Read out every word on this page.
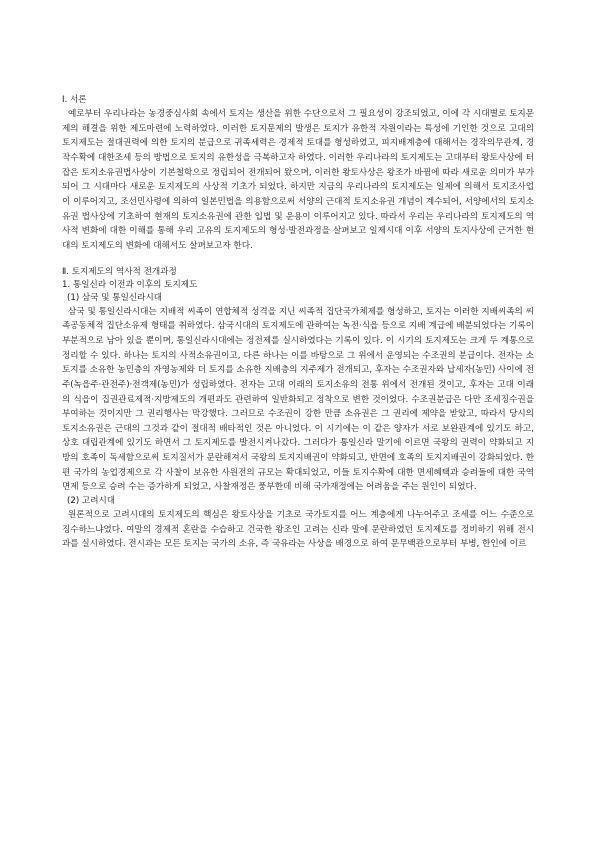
Ⅰ. 서론

예로부터 우리나라는 농경중심사회 속에서 토지는 생산을 위한 수단으로서 그 필요성이 강조되었고, 이에 각 시대별로 토지문제의 해결을 위한 제도마련에 노력하였다. 이러한 토지문제의 발생은 토지가 유한적 자원이라는 특성에 기인한 것으로 고대의 토지제도는 절대권력에 의한 토지의 분급으로 귀족세력은 경제적 토대를 형성하였고, 피지배계층에 대해서는 경작의무관계, 경작수확에 대한조세 등의 방법으로 토지의 유한성을 극복하고자 하였다. 이러한 우리나라의 토지제도는 고대부터 왕토사상에 터 잡은 토지소유권법사상이 기본철학으로 정립되어 전개되어 왔으며, 이러한 왕토사상은 왕조가 바뀜에 따라 새로운 의미가 부가되어 그 시대마다 새로운 토지제도의 사상적 기초가 되었다. 하지만 지금의 우리나라의 토지제도는 일제에 의해서 토지조사업이 이루어지고, 조선민사령에 의하여 일본민법을 의용함으로써 서양의 근대적 토지소유권 개념이 계수되어, 서양에서의 토지소유권 법사상에 기초하여 현재의 토지소유권에 관한 입법 및 운용이 이루어지고 있다. 따라서 우리는 우리나라의 토지제도의 역사적 변화에 대한 이해를 통해 우리 고유의 토지제도의 형성·발전과정을 살펴보고 일제시대 이후 서양의 토지사상에 근거한 현대의 토지제도의 변화에 대해서도 살펴보고자 한다.

Ⅱ. 토지제도의 역사적 전개과정

1. 통일신라 이전과 이후의 토지제도

(1) 삼국 및 통일신라시대

삼국 및 통일신라시대는 지배적 씨족이 연합체적 성격을 지닌 씨족적 집단국가체제를 형성하고, 토지는 이러한 지배씨족의 씨족공동체적 집단소유제 형태를 취하였다. 삼국시대의 토지제도에 관하여는 녹전·식읍 등으로 지배 계급에 배분되었다는 기록이 부분적으로 남아 있을 뿐이며, 통일신라시대에는 정전제를 실시하였다는 기록이 있다. 이 시기의 토지제도는 크게 두 계통으로 정리할 수 있다. 하나는 토지의 사적소유권이고, 다른 하나는 이를 바탕으로 그 위에서 운영되는 수조권의 분급이다. 전자는 소 토지를 소유한 농민층의 자영농제와 더 토지를 소유한 지배층의 지주제가 전개되고, 후자는 수조권자와 납세자(농민) 사이에 전주(녹읍주·관전주)·전객제(농민)가 성립하였다. 전자는 고대 이래의 토지소유의 전통 위에서 전개된 것이고, 후자는 고대 이래의 식읍이 집권관료제적·지방제도의 개편과도 관련하여 일반화되고 정착으로 변한 것이었다. 수조권분급은 다만 조세징수권을 부여하는 것이지만 그 권리행사는 막강했다. 그러므로 수조권이 강한 만큼 소유권은 그 권리에 제약을 받았고, 따라서 당시의 토지소유권은 근대의 그것과 같이 절대적 배타적인 것은 아니었다. 이 시기에는 이 같은 양자가 서로 보완관계에 있기도 하고, 상호 대립관계에 있기도 하면서 그 토지제도를 발전시켜나갔다. 그러다가 통일신라 말기에 이르면 국왕의 권력이 약화되고 지방의 호족이 독세함으로써 토지질서가 문란해져서 국왕의 토지지배권이 약화되고, 반면에 호족의 토지지배권이 강화되었다. 한편 국가의 농업경제으로 각 사찰이 보유한 사원전의 규모는 확대되었고, 이들 토지수확에 대한 면세혜택과 승려들에 대한 국역면제 등으로 승려 수는 증가하게 되었고, 사찰재정은 풍부한데 비해 국가재정에는 어려움을 주는 원인이 되었다.

(2) 고려시대

원론적으로 고려시대의 토지제도의 핵심은 왕토사상을 기초로 국가토지를 어느 계층에게 나누어주고 조세를 어느 수준으로 징수하느냐였다. 여말의 경제적 혼란을 수습하고 건국한 왕조인 고려는 신라 말에 문란하였던 토지제도를 정비하기 위해 전시과를 실시하였다. 전시과는 모든 토지는 국가의 소유, 즉 국유라는 사상을 배경으로 하여 문무백관으로부터 부병, 한인에 이르
